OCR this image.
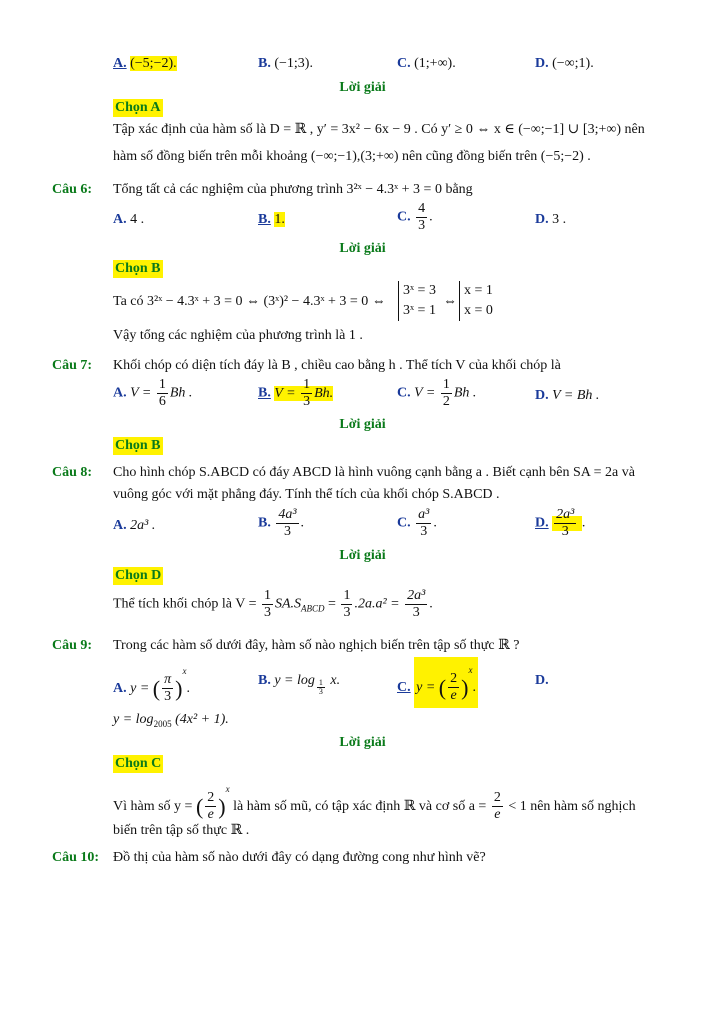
A. (−5;−2).	B. (−1;3).	C. (1;+∞).	D. (−∞;1).
Lời giải
Chọn A
Tập xác định của hàm số là D = ℝ , y′ = 3x² − 6x − 9 . Có y′ ≥ 0 ⇔ x ∈ (−∞;−1] ∪ [3;+∞) nên
hàm số đồng biến trên mỗi khoảng (−∞;−1),(3;+∞) nên cũng đồng biến trên (−5;−2) .
Câu 6: Tổng tất cả các nghiệm của phương trình 3²ˣ − 4.3ˣ + 3 = 0 bằng
A. 4 .	B. 1.	C. $\frac{4}{3}$ .	D. 3 .
Lời giải
Chọn B
Ta có 3²ˣ − 4.3ˣ + 3 = 0 ⇔ (3ˣ)² − 4.3ˣ + 3 = 0 ⇔
3ˣ = 3
3ˣ = 1
⇔
x = 1
x = 0
Vậy tổng các nghiệm của phương trình là 1 .
Câu 7: Khối chóp có diện tích đáy là B , chiều cao bằng h . Thể tích V của khối chóp là
A. $V = \frac{1}{6}$ Bh .	B. $V = \frac{1}{3} Bh$.	C. $V = \frac{1}{2}$ Bh .	D. V = Bh .
Lời giải
Chọn B
Câu 8: Cho hình chóp S.ABCD có đáy ABCD là hình vuông cạnh bằng a . Biết cạnh bên SA = 2a và
vuông góc với mặt phẳng đáy. Tính thể tích của khối chóp S.ABCD .
A. 2a³ .	B. $\frac{\text{4a³}}{3}$ .	C. $\frac{\text{a³}}{3}$ .	D. $\frac{\text{2a³}}{3}$ .
Lời giải
Chọn D
Thể tích khối chóp là $V = \frac{1}{3} SA.S_{ABCD} = \frac{1}{3} .2a.a^2 = \frac{\text{2a³}}{3}$ .
Câu 9: Trong các hàm số dưới đây, hàm số nào nghịch biến trên tập số thực ℝ ?
A. y = ( $\frac{\pi}{3} )^x$.
B. $y = \log \frac{1}{3} x$.	C. y = ( $\frac{2}{e} )^x$.	D.
$y = \log_{2005} (4x^2 + 1)$.
Lời giải
Chọn C
Vì hàm số y = ( $\frac{2}{e} )^x$ là hàm số mũ, có tập xác định ℝ và cơ số $a = \frac{2}{e} < 1$ nên hàm số nghịch
biến trên tập số thực ℝ .
Câu 10: Đồ thị của hàm số nào dưới đây có dạng đường cong như hình vẽ?
